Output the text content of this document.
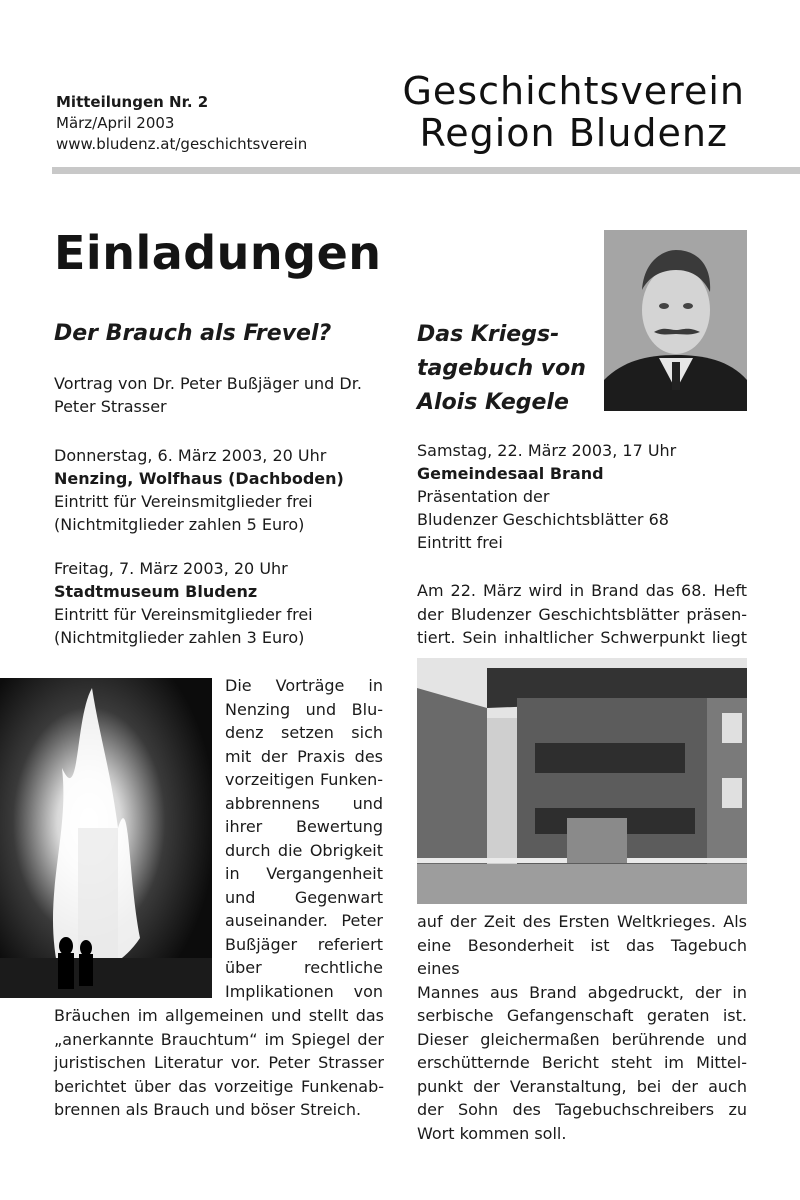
Mitteilungen Nr. 2
März/April 2003
www.bludenz.at/geschichtsverein
Geschichtsverein
Region Bludenz
Einladungen
Der Brauch als Frevel?
Vortrag von Dr. Peter Bußjäger und Dr. Peter Strasser
Donnerstag, 6. März 2003, 20 Uhr
Nenzing, Wolfhaus (Dachboden)
Eintritt für Vereinsmitglieder frei
(Nichtmitglieder zahlen 5 Euro)
Freitag, 7. März 2003, 20 Uhr
Stadtmuseum Bludenz
Eintritt für Vereinsmitglieder frei
(Nichtmitglieder zahlen 3 Euro)
Die Vorträge in
Nenzing und Blu-
denz setzen sich
mit der Praxis des
vorzeitigen Funken-
abbrennens und
ihrer Bewertung
durch die Obrigkeit
in Vergangenheit
und Gegenwart
auseinander. Peter
Bußjäger referiert
über rechtliche
Implikationen von
Bräuchen im allgemeinen und stellt das
„anerkannte Brauchtum“ im Spiegel der
juristischen Literatur vor. Peter Strasser
berichtet über das vorzeitige Funkenab-
brennen als Brauch und böser Streich.
Das Kriegs-
tagebuch von
Alois Kegele
Samstag, 22. März 2003, 17 Uhr
Gemeindesaal Brand
Präsentation der
Bludenzer Geschichtsblätter 68
Eintritt frei
Am 22. März wird in Brand das 68. Heft
der Bludenzer Geschichtsblätter präsen-
tiert. Sein inhaltlicher Schwerpunkt liegt
auf der Zeit des Ersten Weltkrieges. Als
eine Besonderheit ist das Tagebuch eines
Mannes aus Brand abgedruckt, der in
serbische Gefangenschaft geraten ist.
Dieser gleichermaßen berührende und
erschütternde Bericht steht im Mittel-
punkt der Veranstaltung, bei der auch
der Sohn des Tagebuchschreibers zu
Wort kommen soll.
